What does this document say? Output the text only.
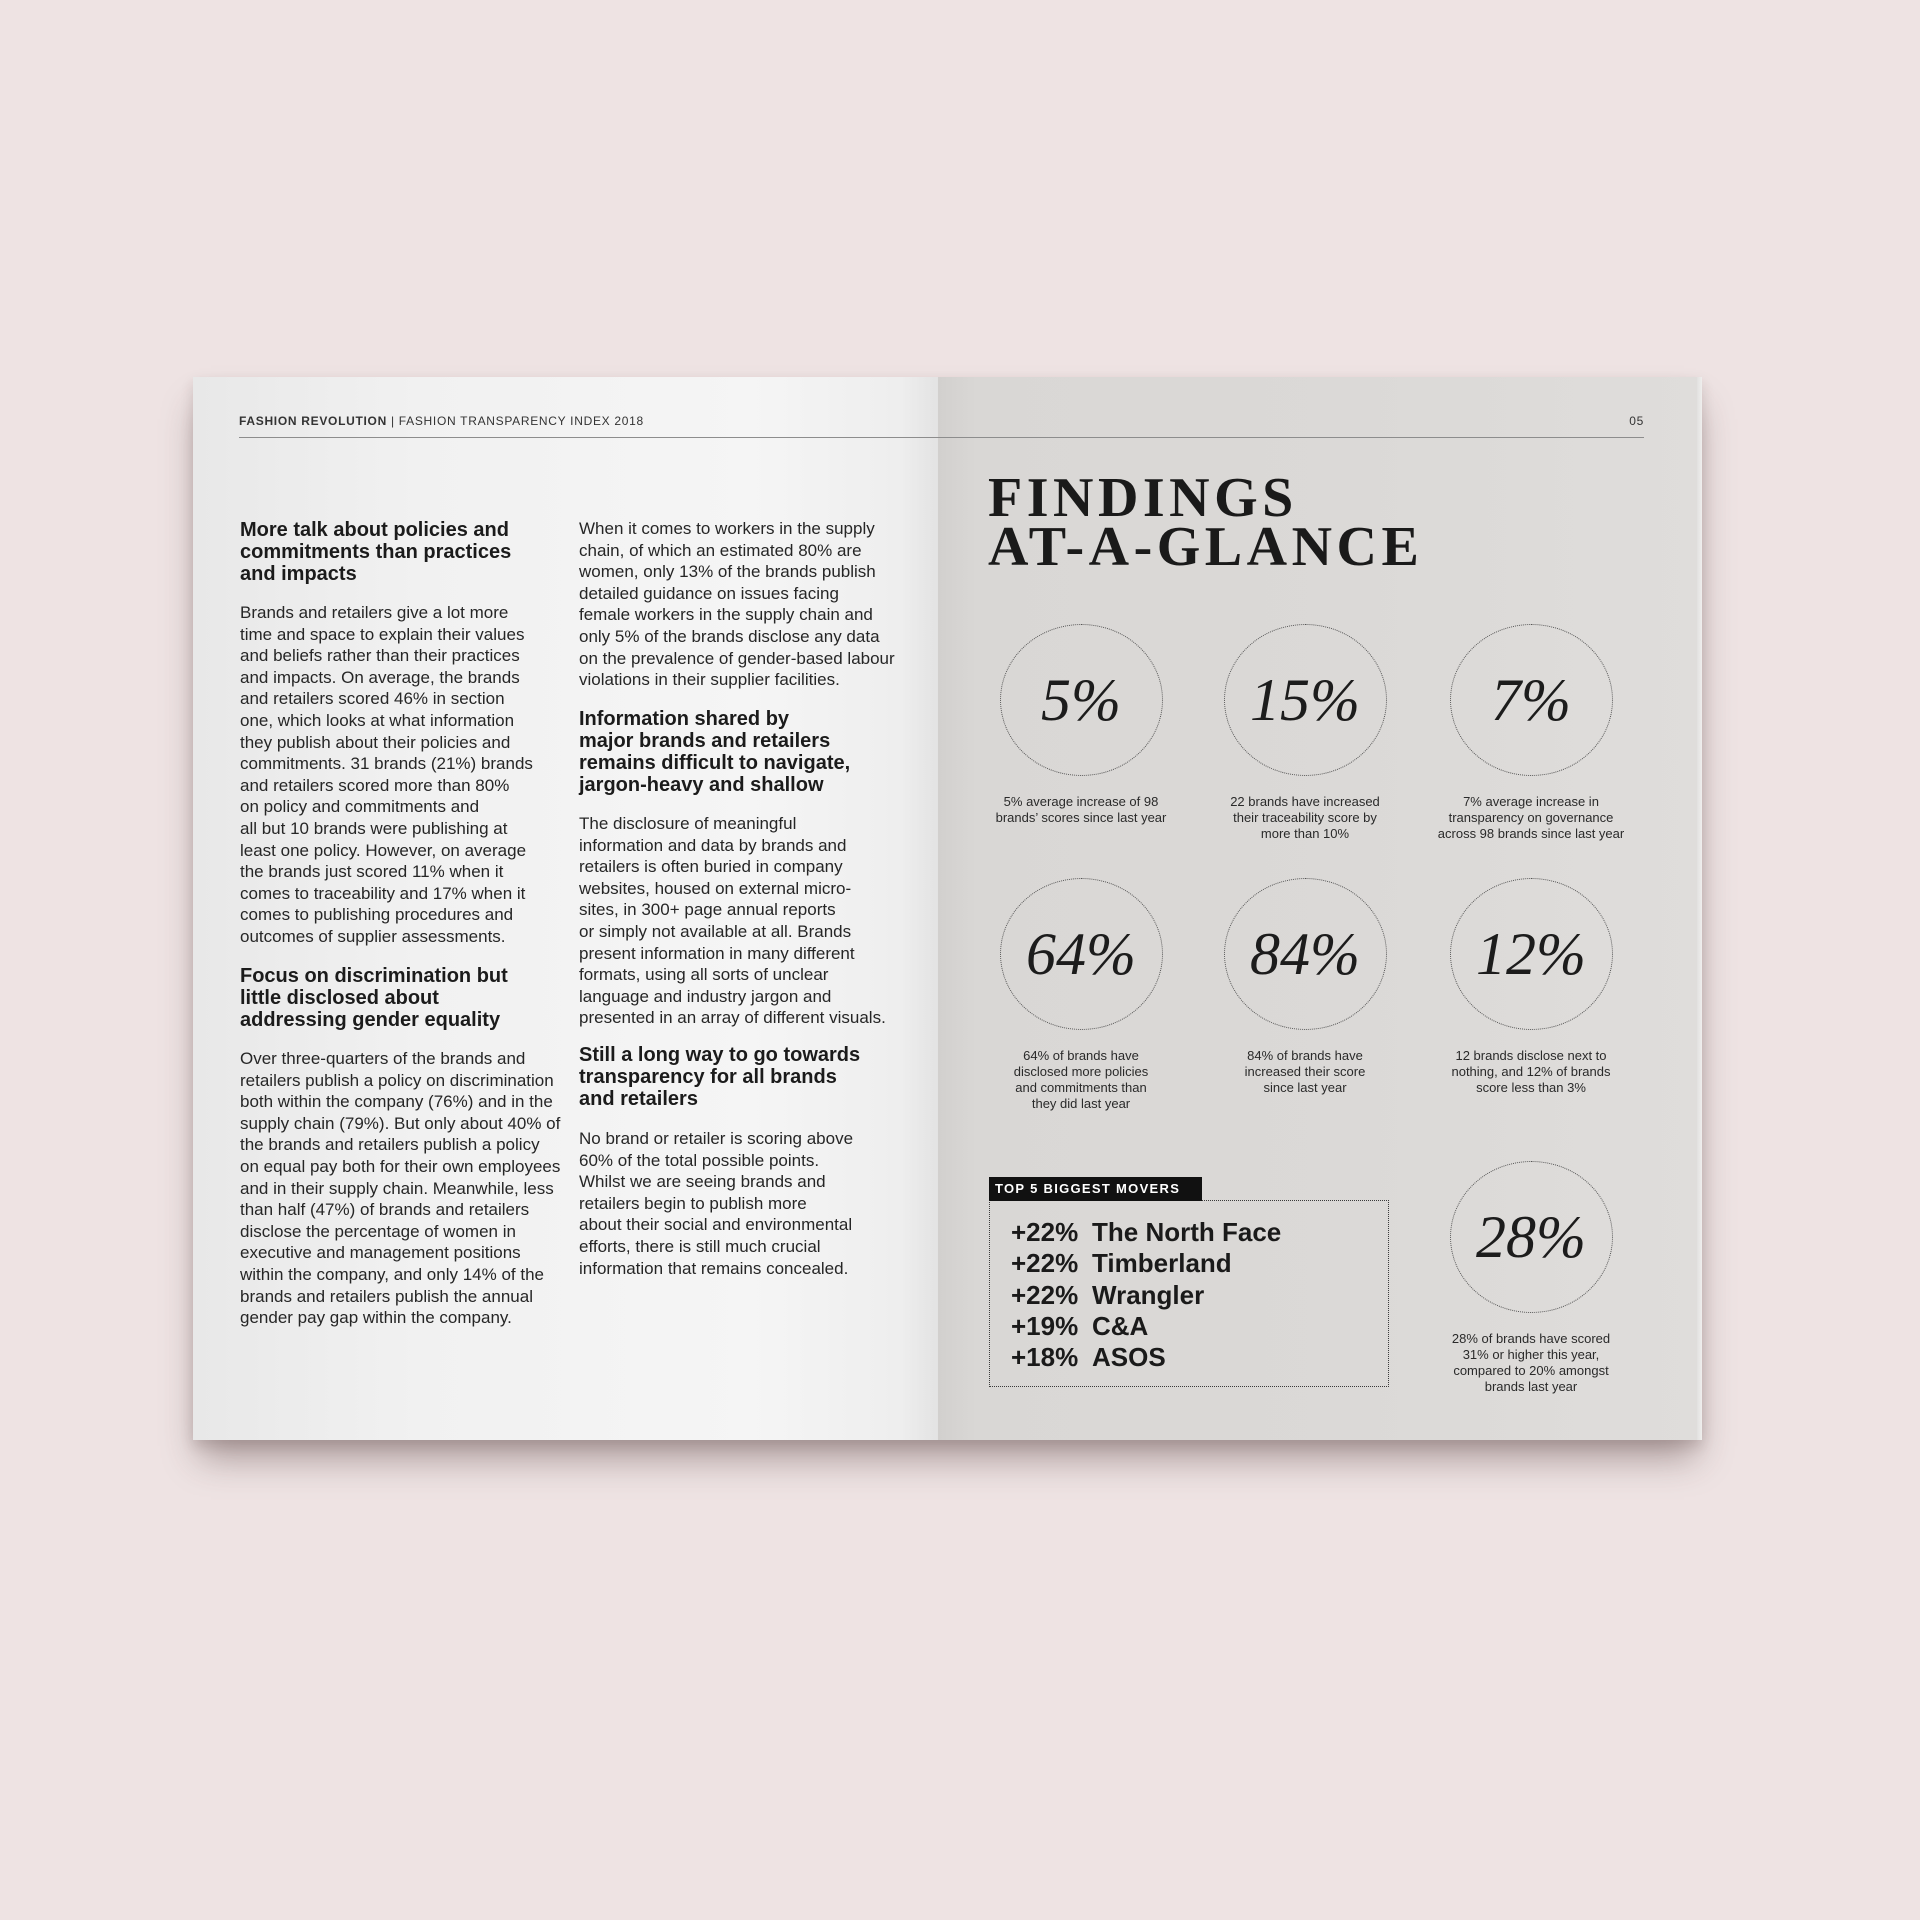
FASHION REVOLUTION | FASHION TRANSPARENCY INDEX 2018	05
More talk about policies and
commitments than practices
and impacts
Brands and retailers give a lot more
time and space to explain their values
and beliefs rather than their practices
and impacts. On average, the brands
and retailers scored 46% in section
one, which looks at what information
they publish about their policies and
commitments. 31 brands (21%) brands
and retailers scored more than 80%
on policy and commitments and
all but 10 brands were publishing at
least one policy. However, on average
the brands just scored 11% when it
comes to traceability and 17% when it
comes to publishing procedures and
outcomes of supplier assessments.
Focus on discrimination but
little disclosed about
addressing gender equality
Over three-quarters of the brands and
retailers publish a policy on discrimination
both within the company (76%) and in the
supply chain (79%). But only about 40% of
the brands and retailers publish a policy
on equal pay both for their own employees
and in their supply chain. Meanwhile, less
than half (47%) of brands and retailers
disclose the percentage of women in
executive and management positions
within the company, and only 14% of the
brands and retailers publish the annual
gender pay gap within the company.
When it comes to workers in the supply
chain, of which an estimated 80% are
women, only 13% of the brands publish
detailed guidance on issues facing
female workers in the supply chain and
only 5% of the brands disclose any data
on the prevalence of gender-based labour
violations in their supplier facilities.
Information shared by
major brands and retailers
remains difficult to navigate,
jargon-heavy and shallow
The disclosure of meaningful
information and data by brands and
retailers is often buried in company
websites, housed on external micro-
sites, in 300+ page annual reports
or simply not available at all. Brands
present information in many different
formats, using all sorts of unclear
language and industry jargon and
presented in an array of different visuals.
Still a long way to go towards
transparency for all brands
and retailers
No brand or retailer is scoring above
60% of the total possible points.
Whilst we are seeing brands and
retailers begin to publish more
about their social and environmental
efforts, there is still much crucial
information that remains concealed.
FINDINGS
AT-A-GLANCE
5%
5% average increase of 98
brands’ scores since last year
15%
22 brands have increased
their traceability score by
more than 10%
7%
7% average increase in
transparency on governance
across 98 brands since last year
64%
64% of brands have
disclosed more policies
and commitments than
they did last year
84%
84% of brands have
increased their score
since last year
12%
12 brands disclose next to
nothing, and 12% of brands
score less than 3%
28%
28% of brands have scored
31% or higher this year,
compared to 20% amongst
brands last year
TOP 5 BIGGEST MOVERS
+22% The North Face
+22% Timberland
+22% Wrangler
+19% C&A
+18% ASOS
